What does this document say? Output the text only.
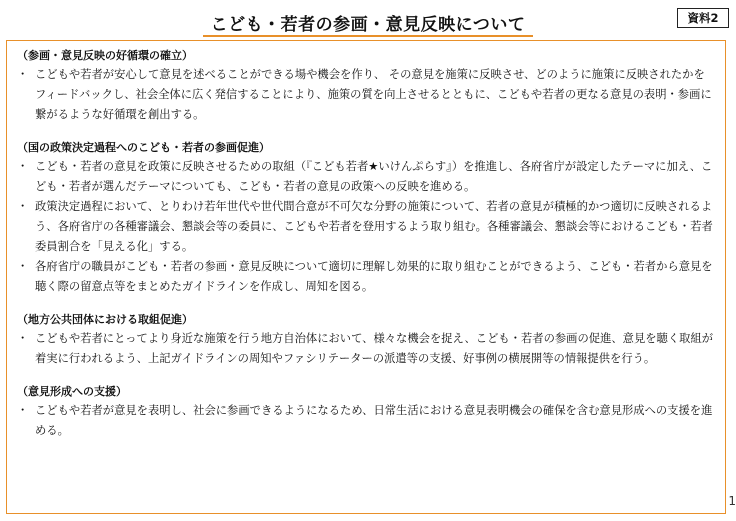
こども・若者の参画・意見反映について	資料2
（参画・意見反映の好循環の確立）
・ こどもや若者が安心して意見を述べることができる場や機会を作り、 その意見を施策に反映させ、どのように施策に反映されたかをフィードバックし、社会全体に広く発信することにより、施策の質を向上させるとともに、こどもや若者の更なる意見の表明・参画に繋がるような好循環を創出する。
（国の政策決定過程へのこども・若者の参画促進）
・ こども・若者の意見を政策に反映させるための取組（『こども若者★いけんぷらす』）を推進し、各府省庁が設定したテーマに加え、こども・若者が選んだテーマについても、こども・若者の意見の政策への反映を進める。
・ 政策決定過程において、とりわけ若年世代や世代間合意が不可欠な分野の施策について、若者の意見が積極的かつ適切に反映されるよう、各府省庁の各種審議会、懇談会等の委員に、こどもや若者を登用するよう取り組む。各種審議会、懇談会等におけるこども・若者委員割合を「見える化」する。
・ 各府省庁の職員がこども・若者の参画・意見反映について適切に理解し効果的に取り組むことができるよう、こども・若者から意見を聴く際の留意点等をまとめたガイドラインを作成し、周知を図る。
（地方公共団体における取組促進）
・ こどもや若者にとってより身近な施策を行う地方自治体において、様々な機会を捉え、こども・若者の参画の促進、意見を聴く取組が着実に行われるよう、上記ガイドラインの周知やファシリテーターの派遣等の支援、好事例の横展開等の情報提供を行う。
（意見形成への支援）
・ こどもや若者が意見を表明し、社会に参画できるようになるため、日常生活における意見表明機会の確保を含む意見形成への支援を進める。
1
